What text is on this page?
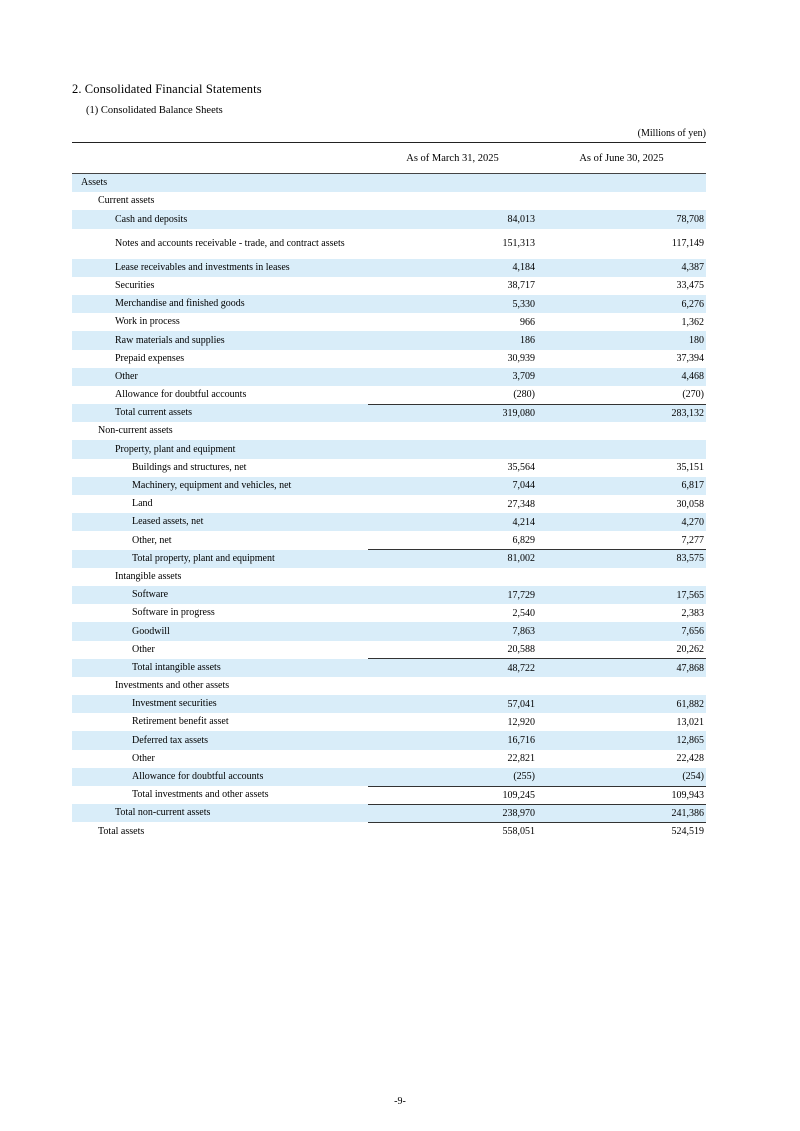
2. Consolidated Financial Statements
(1) Consolidated Balance Sheets
(Millions of yen)

	As of March 31, 2025	As of June 30, 2025
Assets		
Current assets		
Cash and deposits	84,013	78,708
Notes and accounts receivable - trade, and contract assets	151,313	117,149
Lease receivables and investments in leases	4,184	4,387
Securities	38,717	33,475
Merchandise and finished goods	5,330	6,276
Work in process	966	1,362
Raw materials and supplies	186	180
Prepaid expenses	30,939	37,394
Other	3,709	4,468
Allowance for doubtful accounts	(280)	(270)
Total current assets	319,080	283,132
Non-current assets		
Property, plant and equipment		
Buildings and structures, net	35,564	35,151
Machinery, equipment and vehicles, net	7,044	6,817
Land	27,348	30,058
Leased assets, net	4,214	4,270
Other, net	6,829	7,277
Total property, plant and equipment	81,002	83,575
Intangible assets		
Software	17,729	17,565
Software in progress	2,540	2,383
Goodwill	7,863	7,656
Other	20,588	20,262
Total intangible assets	48,722	47,868
Investments and other assets		
Investment securities	57,041	61,882
Retirement benefit asset	12,920	13,021
Deferred tax assets	16,716	12,865
Other	22,821	22,428
Allowance for doubtful accounts	(255)	(254)
Total investments and other assets	109,245	109,943
Total non-current assets	238,970	241,386
Total assets	558,051	524,519
-9-
